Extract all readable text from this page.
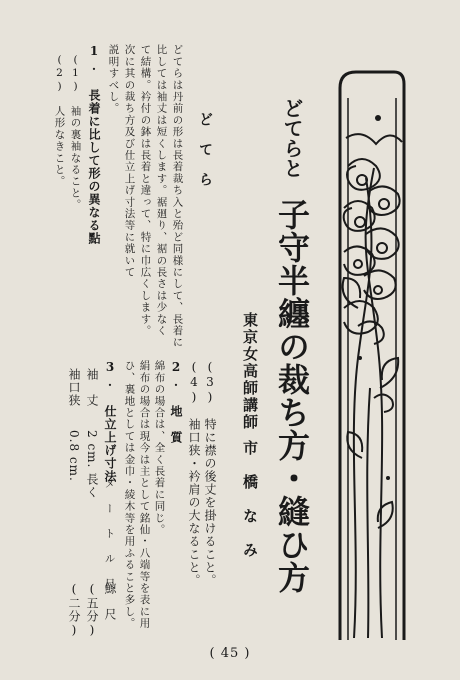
どてらと
子守半纏の裁ち方・縫ひ方
東京女高師講師
市　橋　な　み
(3)　特に襟の後丈を掛けること。
(4)　袖口狭・衿肩の大なること。
2. 地　質
綿布の場合は、全く長着に同じ。
絹布の場合は現今は主として銘仙・八端等を表に用
ひ、裏地としては金巾・綾木等を用ふること多し。
3. 仕立上げ寸法
メ ー ト ル 尺
鯨　尺
袖　丈
2 cm. 長く
(五分)
袖口狭
0.8 cm.
(二分)
ど　て　ら
どてらは丹前の形は長着裁ち入と殆ど同様にして、長着に
比しては袖丈は短くします。裾廻り、裾の長さは少なく
て結構。衿付の鉢は長着と違って、特に巾広くします。
次に其の裁ち方及び仕立上げ寸法等に就いて
説明すべし。
1. 長着に比して形の異なる點
(1)　袖の裏袖なること。
(2)　人形なきこと。
( 45 )
